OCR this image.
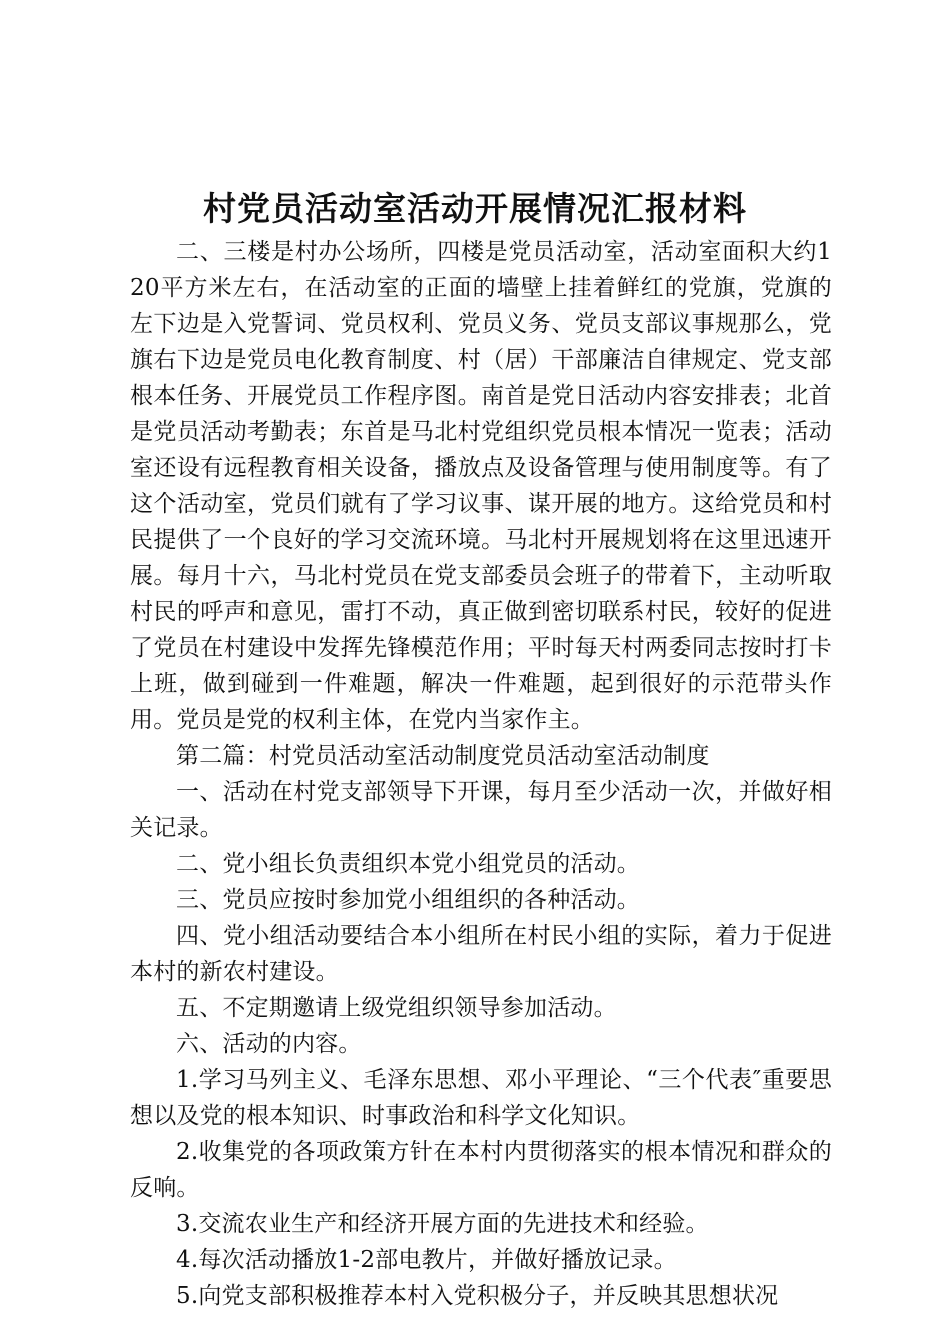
村党员活动室活动开展情况汇报材料

二、三楼是村办公场所，四楼是党员活动室，活动室面积大约120平方米左右，在活动室的正面的墙壁上挂着鲜红的党旗，党旗的左下边是入党誓词、党员权利、党员义务、党员支部议事规那么，党旗右下边是党员电化教育制度、村（居）干部廉洁自律规定、党支部根本任务、开展党员工作程序图。南首是党日活动内容安排表；北首是党员活动考勤表；东首是马北村党组织党员根本情况一览表；活动室还设有远程教育相关设备，播放点及设备管理与使用制度等。有了这个活动室，党员们就有了学习议事、谋开展的地方。这给党员和村民提供了一个良好的学习交流环境。马北村开展规划将在这里迅速开展。每月十六，马北村党员在党支部委员会班子的带着下，主动听取村民的呼声和意见，雷打不动，真正做到密切联系村民，较好的促进了党员在村建设中发挥先锋模范作用；平时每天村两委同志按时打卡上班，做到碰到一件难题，解决一件难题，起到很好的示范带头作用。党员是党的权利主体，在党内当家作主。

第二篇：村党员活动室活动制度党员活动室活动制度

一、活动在村党支部领导下开课，每月至少活动一次，并做好相关记录。

二、党小组长负责组织本党小组党员的活动。

三、党员应按时参加党小组组织的各种活动。

四、党小组活动要结合本小组所在村民小组的实际，着力于促进本村的新农村建设。

五、不定期邀请上级党组织领导参加活动。

六、活动的内容。

1.学习马列主义、毛泽东思想、邓小平理论、“三个代表″重要思想以及党的根本知识、时事政治和科学文化知识。

2.收集党的各项政策方针在本村内贯彻落实的根本情况和群众的反响。

3.交流农业生产和经济开展方面的先进技术和经验。

4.每次活动播放1-2部电教片，并做好播放记录。

5.向党支部积极推荐本村入党积极分子，并反映其思想状况
